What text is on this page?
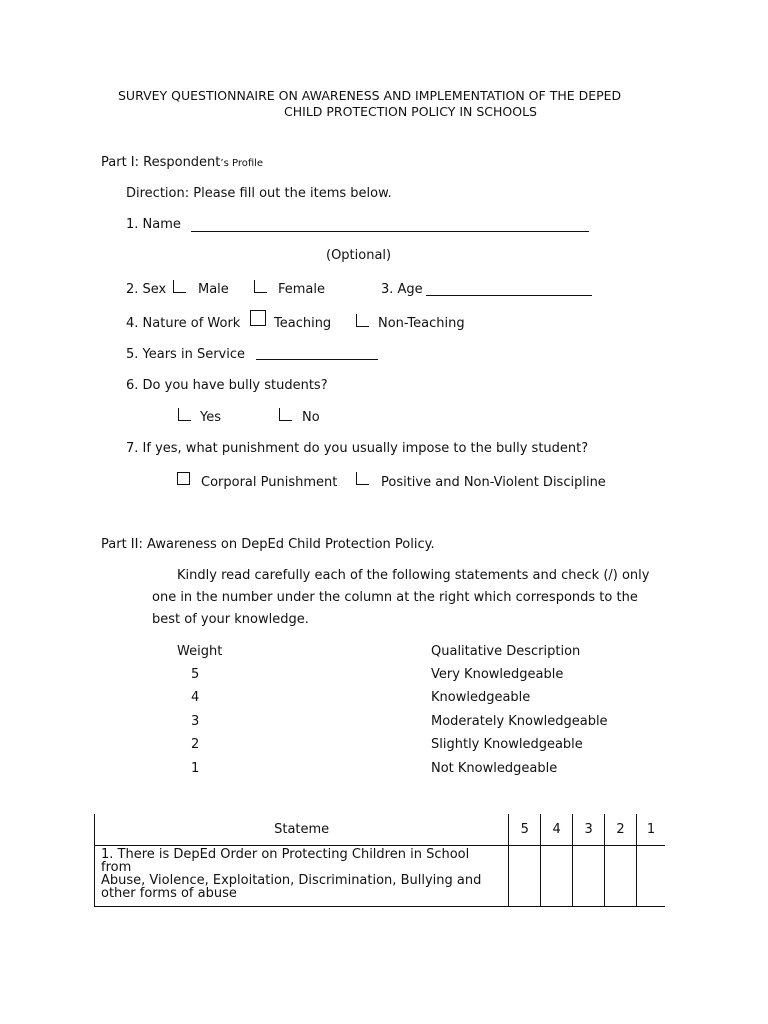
SURVEY QUESTIONNAIRE ON AWARENESS AND IMPLEMENTATION OF THE DEPED
CHILD PROTECTION POLICY IN SCHOOLS
Part I: Respondent’s Profile
Direction: Please fill out the items below.
1. Name
(Optional)
2. Sex Male	Female	3. Age
4. Nature of Work	Teaching	Non-Teaching
5. Years in Service
6. Do you have bully students?
Yes	No
7. If yes, what punishment do you usually impose to the bully student?
Corporal Punishment	Positive and Non-Violent Discipline
Part II: Awareness on DepEd Child Protection Policy.
Kindly read carefully each of the following statements and check (/) only
one in the number under the column at the right which corresponds to the
best of your knowledge.
Weight	Qualitative Description
5	Very Knowledgeable
4	Knowledgeable
3	Moderately Knowledgeable
2	Slightly Knowledgeable
1	Not Knowledgeable
Stateme	5	4	3	2	1

1. There is DepEd Order on Protecting Children in School from
Abuse, Violence, Exploitation, Discrimination, Bullying and other forms of abuse					
